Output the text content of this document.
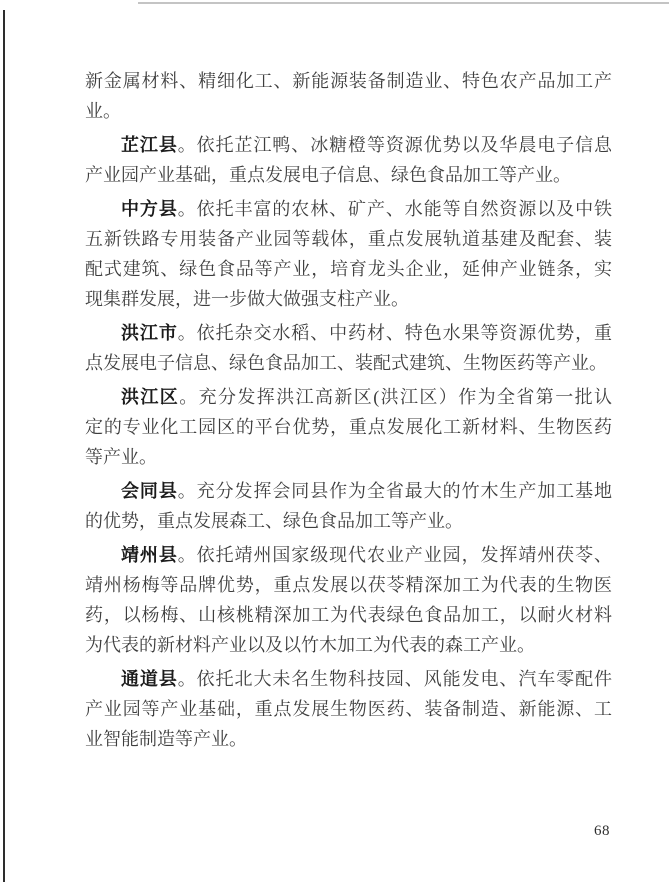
新金属材料、精细化工、新能源装备制造业、特色农产品加工产
业。
芷江县。依托芷江鸭、冰糖橙等资源优势以及华晨电子信息
产业园产业基础，重点发展电子信息、绿色食品加工等产业。
中方县。依托丰富的农林、矿产、水能等自然资源以及中铁
五新铁路专用装备产业园等载体，重点发展轨道基建及配套、装
配式建筑、绿色食品等产业，培育龙头企业，延伸产业链条，实
现集群发展，进一步做大做强支柱产业。
洪江市。依托杂交水稻、中药材、特色水果等资源优势，重
点发展电子信息、绿色食品加工、装配式建筑、生物医药等产业。
洪江区。充分发挥洪江高新区(洪江区）作为全省第一批认
定的专业化工园区的平台优势，重点发展化工新材料、生物医药
等产业。
会同县。充分发挥会同县作为全省最大的竹木生产加工基地
的优势，重点发展森工、绿色食品加工等产业。
靖州县。依托靖州国家级现代农业产业园，发挥靖州茯苓、
靖州杨梅等品牌优势，重点发展以茯苓精深加工为代表的生物医
药，以杨梅、山核桃精深加工为代表绿色食品加工，以耐火材料
为代表的新材料产业以及以竹木加工为代表的森工产业。
通道县。依托北大未名生物科技园、风能发电、汽车零配件
产业园等产业基础，重点发展生物医药、装备制造、新能源、工
业智能制造等产业。
68
